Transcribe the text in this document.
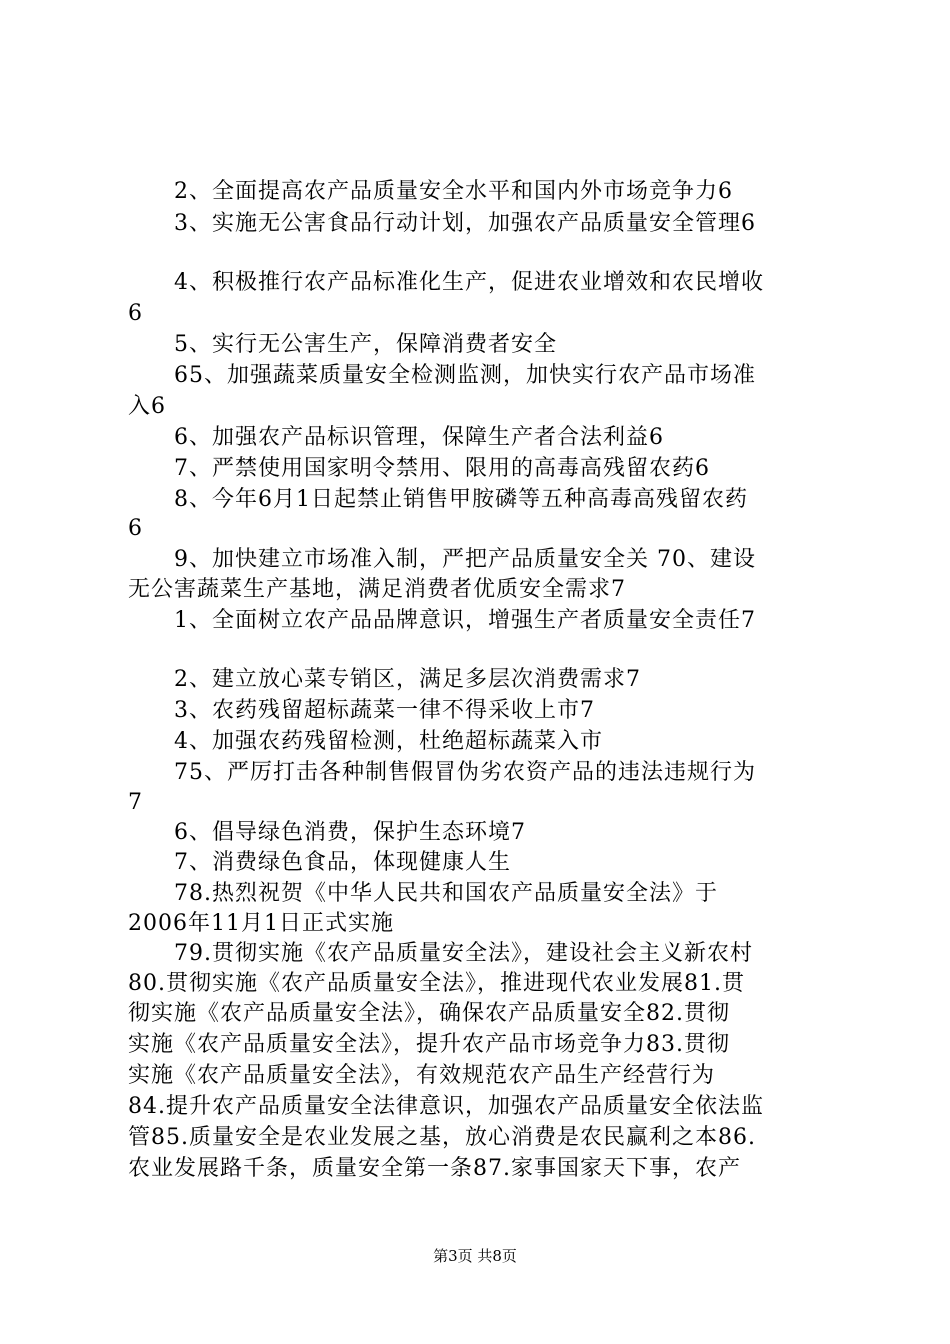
　　2、全面提高农产品质量安全水平和国内外市场竞争力6
　　3、实施无公害食品行动计划，加强农产品质量安全管理6
　　4、积极推行农产品标准化生产，促进农业增效和农民增收
6
　　5、实行无公害生产，保障消费者安全
　　65、加强蔬菜质量安全检测监测，加快实行农产品市场准
入6
　　6、加强农产品标识管理，保障生产者合法利益6
　　7、严禁使用国家明令禁用、限用的高毒高残留农药6
　　8、今年6月1日起禁止销售甲胺磷等五种高毒高残留农药
6
　　9、加快建立市场准入制，严把产品质量安全关 70、建设
无公害蔬菜生产基地，满足消费者优质安全需求7
　　1、全面树立农产品品牌意识，增强生产者质量安全责任7
　　2、建立放心菜专销区，满足多层次消费需求7
　　3、农药残留超标蔬菜一律不得采收上市7
　　4、加强农药残留检测，杜绝超标蔬菜入市
　　75、严厉打击各种制售假冒伪劣农资产品的违法违规行为
7
　　6、倡导绿色消费，保护生态环境7
　　7、消费绿色食品，体现健康人生
　　78.热烈祝贺《中华人民共和国农产品质量安全法》于
2006年11月1日正式实施
　　79.贯彻实施《农产品质量安全法》，建设社会主义新农村
80.贯彻实施《农产品质量安全法》，推进现代农业发展81.贯
彻实施《农产品质量安全法》，确保农产品质量安全82.贯彻
实施《农产品质量安全法》，提升农产品市场竞争力83.贯彻
实施《农产品质量安全法》，有效规范农产品生产经营行为
84.提升农产品质量安全法律意识，加强农产品质量安全依法监
管85.质量安全是农业发展之基，放心消费是农民赢利之本86.
农业发展路千条，质量安全第一条87.家事国家天下事，农产
第3页 共8页
